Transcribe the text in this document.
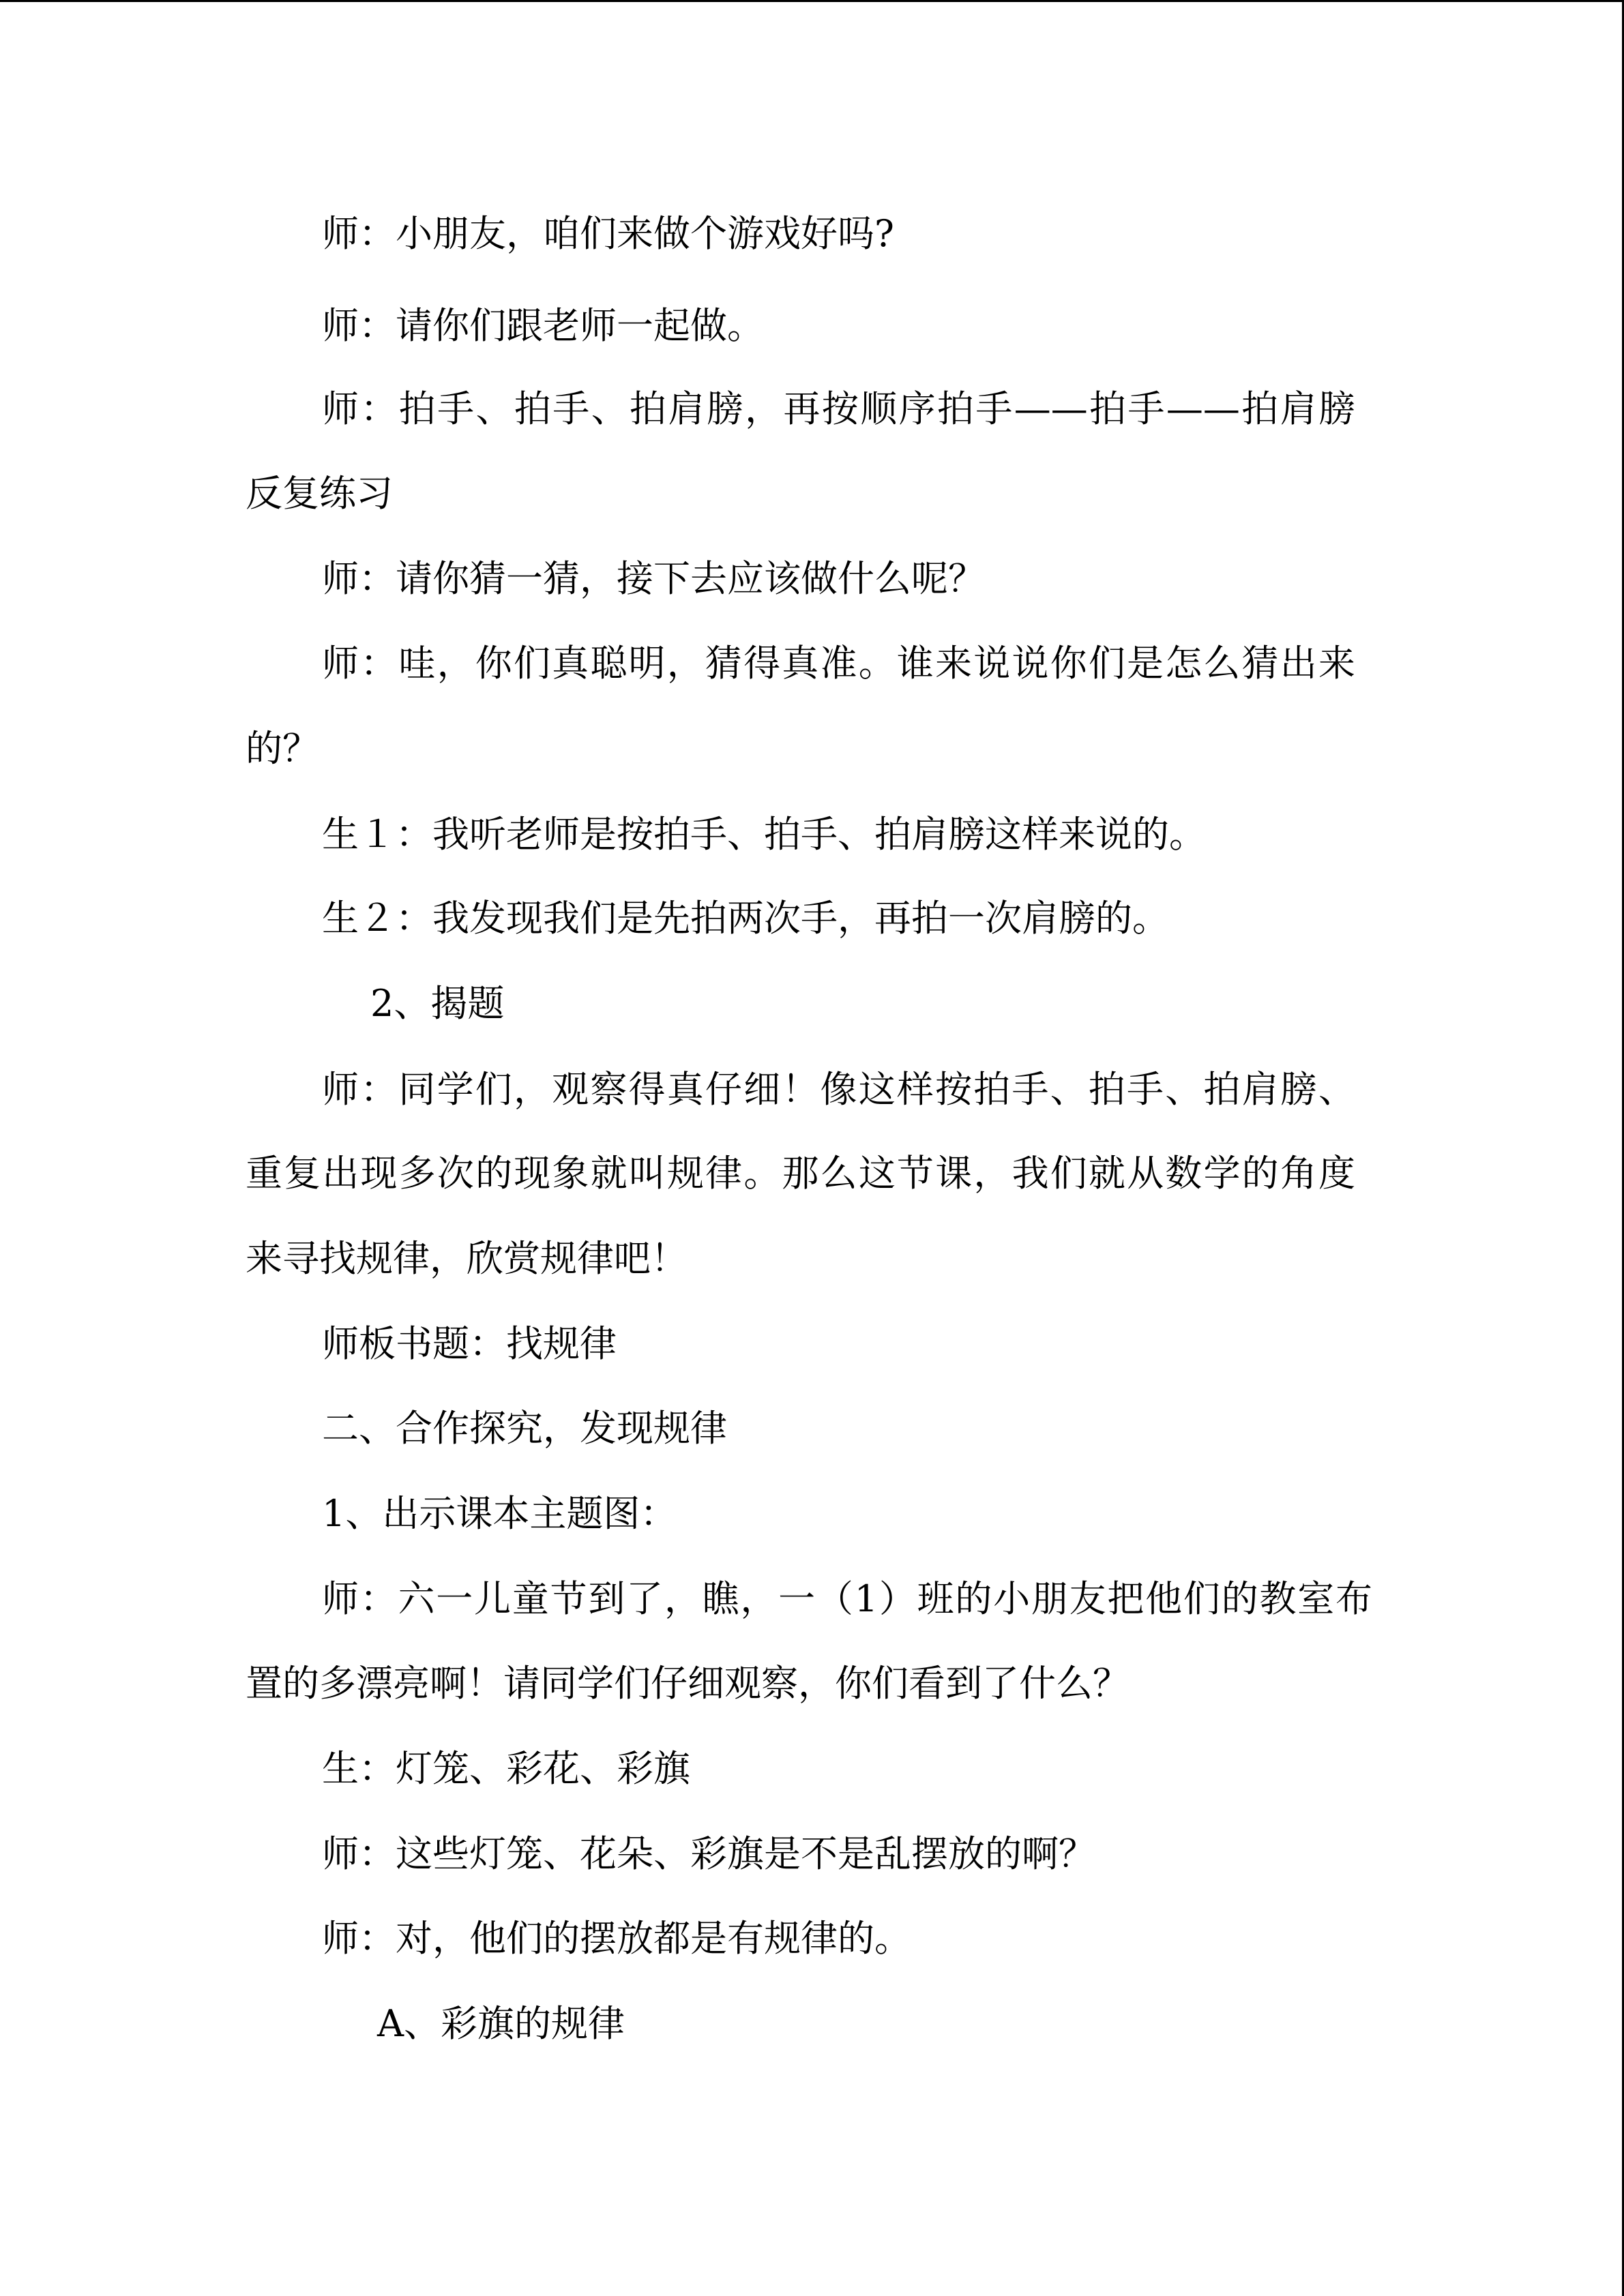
师：小朋友，咱们来做个游戏好吗?
师：请你们跟老师一起做。
师：拍手、拍手、拍肩膀，再按顺序拍手——拍手——拍肩膀
反复练习
师：请你猜一猜，接下去应该做什么呢？
师：哇，你们真聪明，猜得真准。谁来说说你们是怎么猜出来
的？
生１：我听老师是按拍手、拍手、拍肩膀这样来说的。
生２：我发现我们是先拍两次手，再拍一次肩膀的。
2、揭题
师：同学们，观察得真仔细！像这样按拍手、拍手、拍肩膀、
重复出现多次的现象就叫规律。那么这节课，我们就从数学的角度
来寻找规律，欣赏规律吧！
师板书题：找规律
二、合作探究，发现规律
1、出示课本主题图：
师：六一儿童节到了，瞧，一（1）班的小朋友把他们的教室布
置的多漂亮啊！请同学们仔细观察，你们看到了什么？
生：灯笼、彩花、彩旗
师：这些灯笼、花朵、彩旗是不是乱摆放的啊？
师：对，他们的摆放都是有规律的。
A、彩旗的规律
